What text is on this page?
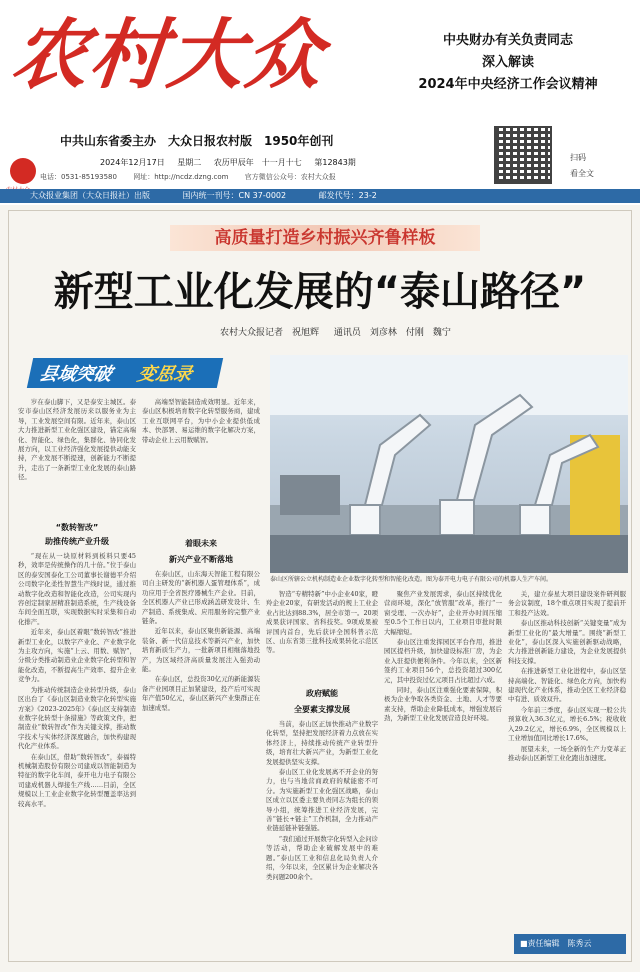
农村大众
中共山东省委主办　大众日报农村版　1950年创刊
2024年12月17日 星期二 农历甲辰年　十一月十七 第12843期
电话：0531-85193580 网址：http://ncdz.dzng.com 官方微信公众号：农村大众报
中央财办有关负责同志
深入解读
2024年中央经济工作会议精神
扫码
看全文
大众报业集团（大众日报社）出版	国内统一刊号：CN 37-0002	邮发代号：23-2
高质量打造乡村振兴齐鲁样板
新型工业化发展的“泰山路径”
农村大众报记者　祝旭辉 通讯员　刘彦林　付刚　魏宁
县域突破 变思录
泰山区所辖公立机构制造业企业数字化转型和智能化改造。图为泰开电力电子有限公司的机器人生产车间。

岁在泰山脚下，又是泰安主城区。泰安市泰山区经济发展历来以服务业为主导，工业发展空间有限。近年来，泰山区大力推进新型工业化强区建设，锚定高端化、智能化、绿色化，集群化、协同化发展方向，以工业经济强化发展提供动能支持，产业发展不断提速，创新能力不断提升，走出了一条新型工业化发展的泰山路径。

“数转智改”
助推传统产业升级

“现在从一块原材料到板料只要45秒，效率是传统操作的几十倍。”位于泰山区的泰安国泰化工公司董事长谢德平介绍公司数字化柔性智慧生产线时说，通过推动数字化改造和智能化改造，公司实现内容创定制家居精准制造系统，生产线设备车间全面互联，实现数据实时采集和自动化排产。

近年来，泰山区着眼“数转智改”推进新型工业化，以数字产业化、产业数字化为主攻方向，实施“上云、用数、赋智”，分级分类推动制造业企业数字化转型和智能化改造，不断提高生产效率、提升企业竞争力。

为推动传统制造企业转型升级，泰山区出台了《泰山区制造业数字化转型实施方案》《2023-2025年》《泰山区支持制造业数字化转型十条措施》等政策文件，把制造业“数转智改”作为关键支撑，推动数字技术与实体经济深度融合，加快构建现代化产业体系。

在泰山区，借助“数转智改”，泰福特机械制造股份有限公司建成以智能制造为特征的数字化车间，泰开电力电子有限公司建成机器人焊接生产线……目前，全区规模以上工业企业数字化转型覆盖率达到较高水平。

高端型智能制造成效明显。近年来，泰山区积极培育数字化转型服务商，建成工业互联网平台，为中小企业提供低成本、快部署、易运维的数字化解决方案，带动企业上云用数赋智。

着眼未来
新兴产业不断落地

在泰山区，山东海天智能工程有限公司自主研发的“新机器人蛋管理体系”，成功应用于全省医疗器械生产企业。目前，全区机器人产业已形成涵盖研发设计、生产制造、系统集成、应用服务的完整产业链条。

近年以来，泰山区聚焦新能源、高端装备、新一代信息技术等新兴产业，加快培育新质生产力，一批新项目相继落地投产，为区域经济高质量发展注入强劲动能。

在泰山区，总投资30亿元的新能源装备产业园项目正加紧建设，投产后可实现年产值50亿元，泰山区新兴产业集群正在加速成型。

智造“专精特新”中小企业40家，瞪羚企业20家，有研发活动的规上工业企业占比达到88.3%，居全市第一。20项成果获评国家、省科技奖。9项成果被评国内首台，先后获评全国科普示范区、山东省第三批科技成果转化示范区等。

政府赋能
全要素支撑发展

当前，泰山区正加快推动产业数字化转型，坚持把发展经济着力点放在实体经济上，持续推动传统产业转型升级，培育壮大新兴产业，为新型工业化发展提供坚实支撑。

泰山区工业化发展离不开企业的努力，也与当地营商政府的赋能密不可分。为实施新型工业化强区战略，泰山区成立以区委主要负责同志为组长的领导小组，统筹推进工业经济发展，完善“链长+链主”工作机制，全力推动产业链延链补链强链。

“我们通过开展数字化转型入企问诊等活动，帮助企业破解发展中的难题。”泰山区工业和信息化局负责人介绍，今年以来，全区累计为企业解决各类问题200余个。

聚焦产业发展需求，泰山区持续优化营商环境，深化“放管服”改革，推行“一窗受理、一次办好”，企业开办时间压缩至0.5个工作日以内，工业项目审批时限大幅缩短。

泰山区注重发挥园区平台作用，推进园区提档升级，加快建设标准厂房，为企业入驻提供便利条件。今年以来，全区新签约工业项目56个，总投资超过300亿元，其中投资过亿元项目占比超过六成。

同时，泰山区注重强化要素保障，积极为企业争取各类资金、土地、人才等要素支持，帮助企业降低成本，增强发展后劲，为新型工业化发展营造良好环境。

关，建立泰星大项目建设案件研判服务会议制度，18个重点项目实现了提前开工和投产达效。

泰山区推动科技创新“关键变量”成为新型工业化的“最大增量”。围绕“新型工业化”，泰山区深入实施创新驱动战略，大力推进创新能力建设，为企业发展提供科技支撑。

在推进新型工业化进程中，泰山区坚持高端化、智能化、绿色化方向，加快构建现代化产业体系，推动全区工业经济稳中有进、质效双升。

今年前三季度，泰山区实现一般公共预算收入36.3亿元，增长6.5%；税收收入29.2亿元，增长6.9%，全区规模以上工业增加值同比增长17.6%。

展望未来，一场全新的生产力变革正推动泰山区新型工业化跑出加速度。

■责任编辑　陈秀云
